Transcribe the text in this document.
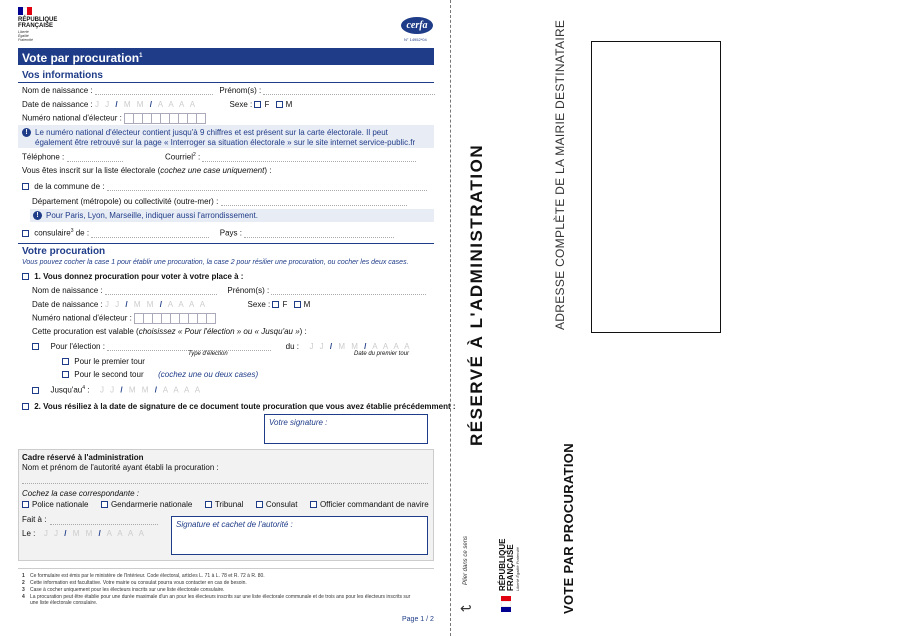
RÉPUBLIQUE
FRANÇAISE
Liberté
Égalité
Fraternité
cerfa
N° 14952*04
Vote par procuration$^1$
Vos informations
Nom de naissance :	Prénom(s) :
Date de naissance : J J / M M / A A A A	Sexe : F M
Numéro national d'électeur :
! Le numéro national d'électeur contient jusqu'à 9 chiffres et est présent sur la carte électorale. Il peut
également être retrouvé sur la page « Interroger sa situation électorale » sur le site internet service-public.fr
Téléphone :	Courriel$^2$ :
Vous êtes inscrit sur la liste électorale (cochez une case uniquement) :
de la commune de :
Département (métropole) ou collectivité (outre-mer) :
! Pour Paris, Lyon, Marseille, indiquer aussi l'arrondissement.
consulaire$^3$ de :	Pays :
Votre procuration
Vous pouvez cocher la case 1 pour établir une procuration, la case 2 pour résilier une procuration, ou cocher les deux cases.
1. Vous donnez procuration pour voter à votre place à :
Nom de naissance :	Prénom(s) :
Date de naissance : J J / M M / A A A A	Sexe : F M
Numéro national d'électeur :
Cette procuration est valable (choisissez « Pour l'élection » ou « Jusqu'au ») :
Pour l'élection :	du : J J / M M / A A A A
Type d'élection	Date du premier tour
Pour le premier tour
Pour le second tour (cochez une ou deux cases)
$Jusqu'au^4$ : J J / M M / A A A A
2. Vous résiliez à la date de signature de ce document toute procuration que vous avez établie précédemment :
Votre signature :
Cadre réservé à l'administration
Nom et prénom de l'autorité ayant établi la procuration :
Cochez la case correspondante :
Police nationale	Gendarmerie nationale	Tribunal	Consulat	Officier commandant de navire
Fait à :
Le : J J / M M / A A A A
Signature et cachet de l'autorité :
1 Ce formulaire est émis par le ministère de l'Intérieur. Code électoral, articles L. 71 à L. 78 et R. 72 à R. 80.
2 Cette information est facultative. Votre mairie ou consulat pourra vous contacter en cas de besoin.
3 Case à cocher uniquement pour les électeurs inscrits sur une liste électorale consulaire.
4 La procuration peut être établie pour une durée maximale d'un an pour les électeurs inscrits sur une liste électorale communale et de trois ans pour les électeurs inscrits sur
une liste électorale consulaire.
Page 1 / 2
RÉSERVÉ À L'ADMINISTRATION	ADRESSE COMPLÈTE DE LA MAIRIE DESTINATAIRE
Plier dans ce sens
↩
RÉPUBLIQUE FRANÇAISE Liberté Égalité Fraternité	VOTE PAR PROCURATION
